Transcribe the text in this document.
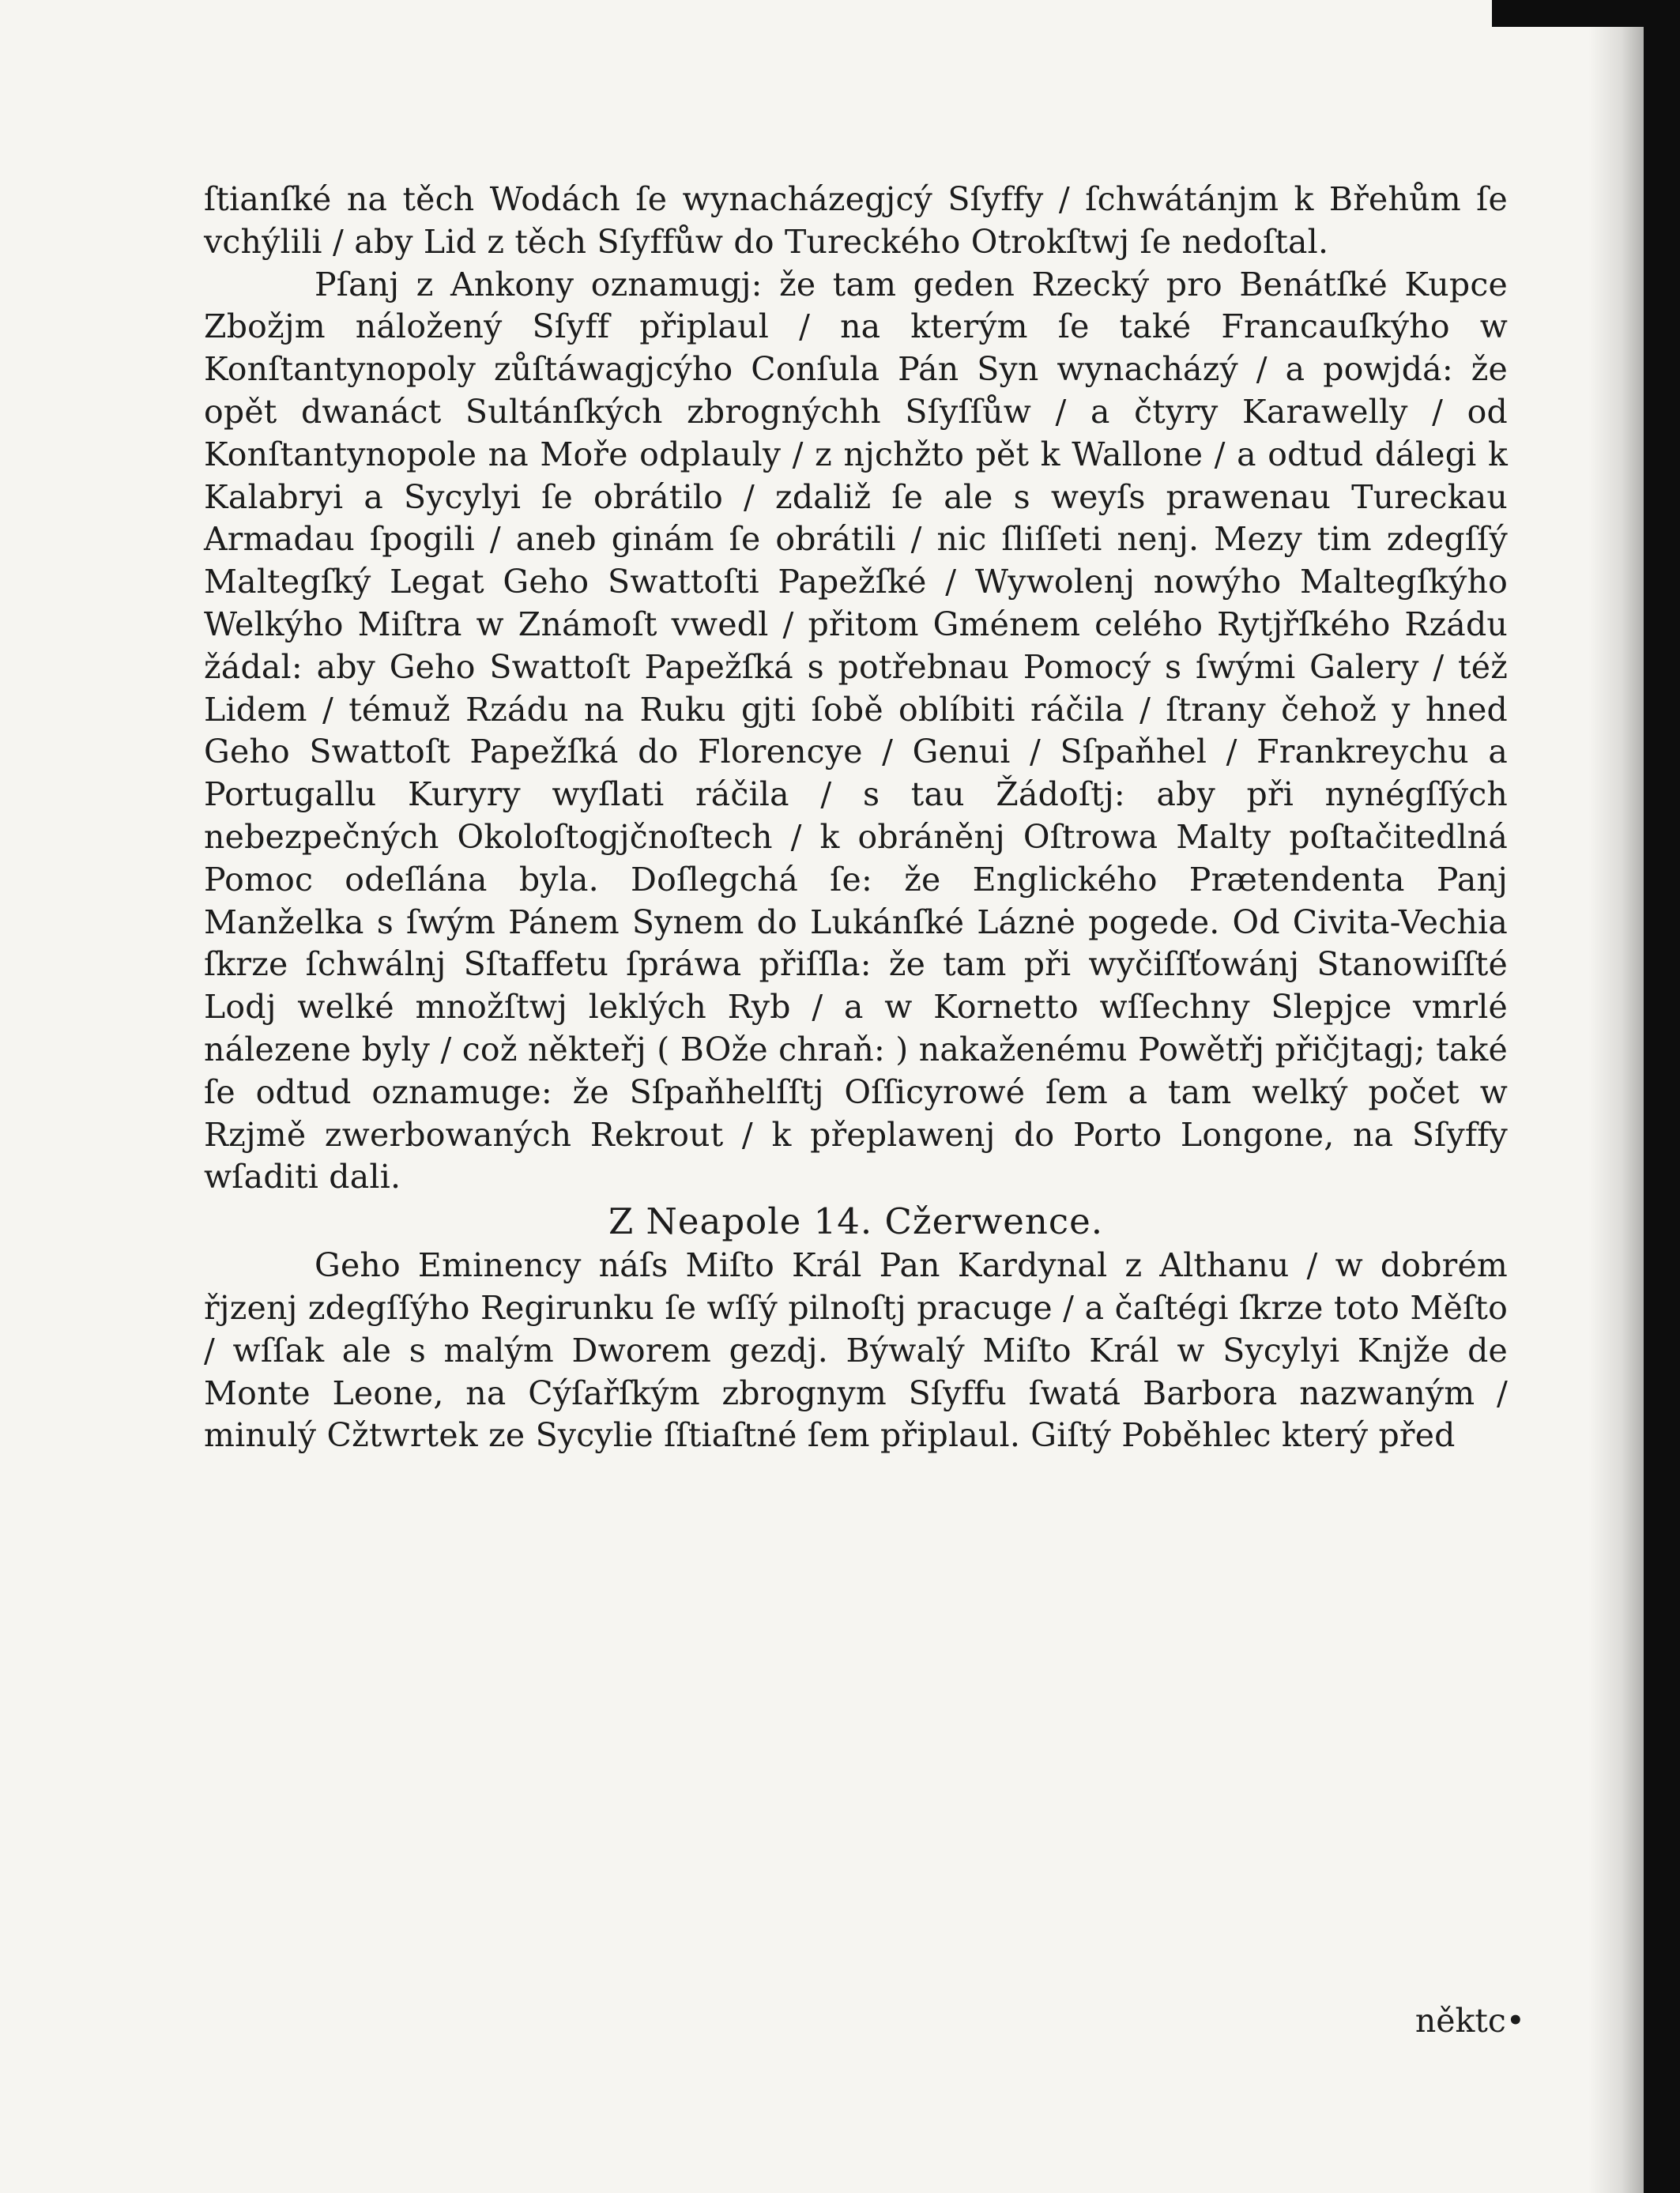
ſtianſké na těch Wodách ſe wynacházegjcý Sſyffy / ſchwátánjm k Břehům ſe vchýlili / aby Lid z těch Sſyffůw do Tureckého Otrokſtwj ſe nedoſtal.

Pſanj z Ankony oznamugj: že tam geden Rzecký pro Benátſké Kupce Zbožjm náložený Sſyff připlaul / na kterým ſe také Francauſkýho w Konſtantynopoly zůſtáwagjcýho Conſula Pán Syn wynacházý / a powjdá: že opět dwanáct Sultánſkých zbrognýchh Sſyſſůw / a čtyry Karawelly / od Konſtantynopole na Moře odplauly / z njchžto pět k Wallone / a odtud dálegi k Kalabryi a Sycylyi ſe obrátilo / zdaliž ſe ale s weyſs prawenau Tureckau Armadau ſpogili / aneb ginám ſe obrátili / nic ſliſſeti nenj. Mezy tim zdegſſý Maltegſký Legat Geho Swattoſti Papežſké / Wywolenj nowýho Maltegſkýho Welkýho Miſtra w Známoſt vwedl / přitom Gménem celého Rytjřſkého Rzádu žádal: aby Geho Swattoſt Papežſká s potřebnau Pomocý s ſwými Galery / též Lidem / témuž Rzádu na Ruku gjti ſobě oblíbiti ráčila / ſtrany čehož y hned Geho Swattoſt Papežſká do Florencye / Genui / Sſpaňhel / Frankreychu a Portugallu Kuryry wyſlati ráčila / s tau Žádoſtj: aby při nynégſſých nebezpečných Okoloſtogjčnoſtech / k obráněnj Oſtrowa Malty poſtačitedlná Pomoc odeſlána byla. Doſlegchá ſe: že Englického Prætendenta Panj Manželka s ſwým Pánem Synem do Lukánſké Láznė pogede. Od Civita-Vechia ſkrze ſchwálnj Sſtaffetu ſpráwa přiſſla: že tam při wyčiſſťowánj Stanowiſſté Lodj welké množſtwj leklých Ryb / a w Kornetto wſſechny Slepjce vmrlé nálezene byly / což někteřj ( BOže chraň: ) nakaženému Powětřj přičjtagj; také ſe odtud oznamuge: že Sſpaňhelſſtj Oſſicyrowé ſem a tam welký počet w Rzjmě zwerbowaných Rekrout / k přeplawenj do Porto Longone, na Sſyffy wſaditi dali.

Z Neapole 14. Cžerwence.

Geho Eminency náſs Miſto Král Pan Kardynal z Althanu / w dobrém řjzenj zdegſſýho Regirunku ſe wſſý pilnoſtj pracuge / a čaſtégi ſkrze toto Měſto / wſſak ale s malým Dworem gezdj. Býwalý Miſto Král w Sycylyi Knjže de Monte Leone, na Cýſařſkým zbrognym Sſyffu ſwatá Barbora nazwaným / minulý Cžtwrtek ze Sycylie ſſtiaſtné ſem připlaul. Giſtý Poběhlec který před

něktc•
